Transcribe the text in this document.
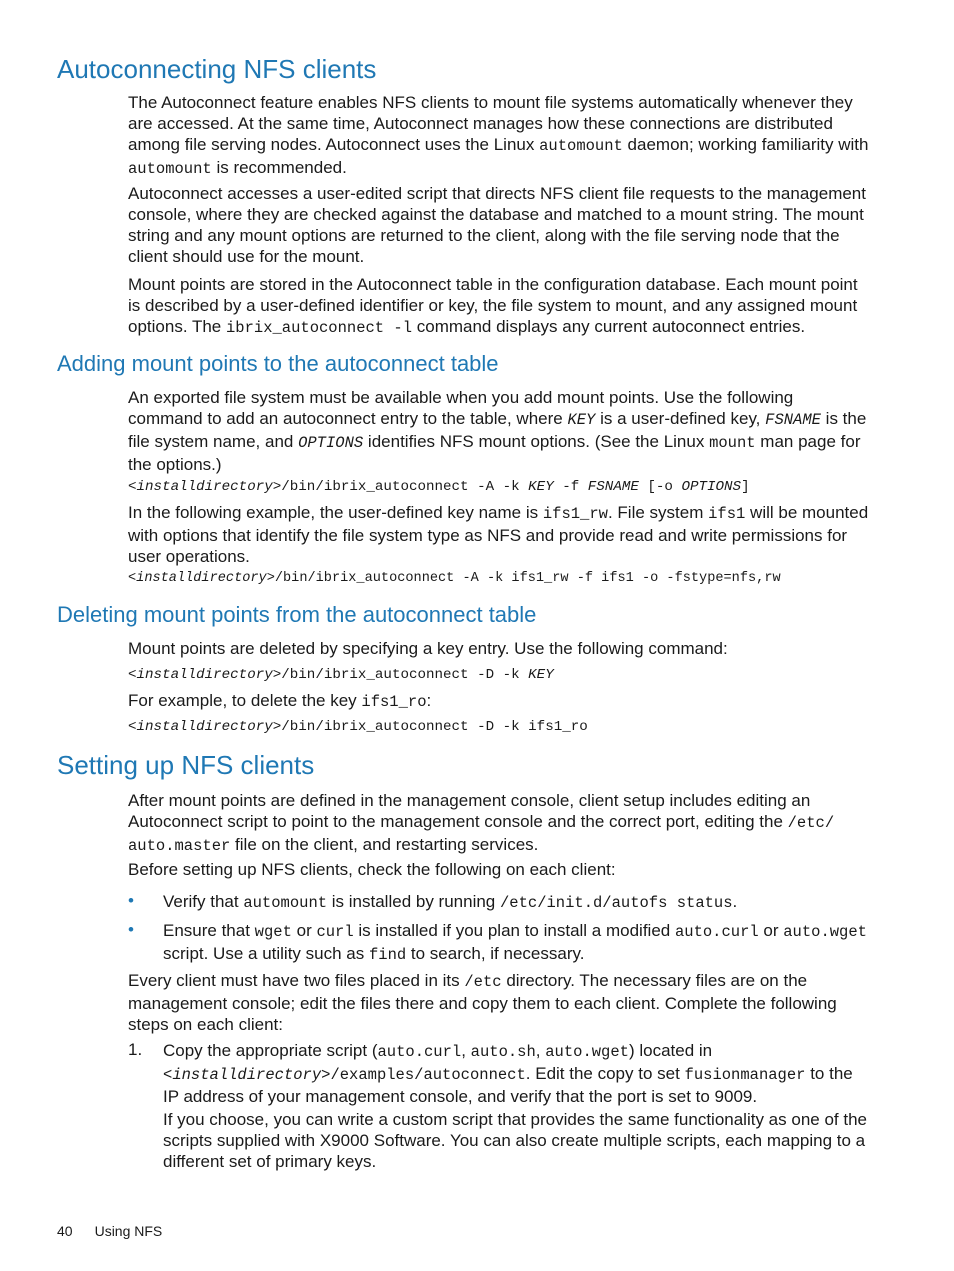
Autoconnecting NFS clients

The Autoconnect feature enables NFS clients to mount file systems automatically whenever they are accessed. At the same time, Autoconnect manages how these connections are distributed among file serving nodes. Autoconnect uses the Linux automount daemon; working familiarity with automount is recommended.

Autoconnect accesses a user-edited script that directs NFS client file requests to the management console, where they are checked against the database and matched to a mount string. The mount string and any mount options are returned to the client, along with the file serving node that the client should use for the mount.

Mount points are stored in the Autoconnect table in the configuration database. Each mount point is described by a user-defined identifier or key, the file system to mount, and any assigned mount options. The ibrix_autoconnect -l command displays any current autoconnect entries.

Adding mount points to the autoconnect table

An exported file system must be available when you add mount points. Use the following command to add an autoconnect entry to the table, where KEY is a user-defined key, FSNAME is the file system name, and OPTIONS identifies NFS mount options. (See the Linux mount man page for the options.)

<installdirectory>/bin/ibrix_autoconnect -A -k KEY -f FSNAME [-o OPTIONS]

In the following example, the user-defined key name is ifs1_rw. File system ifs1 will be mounted with options that identify the file system type as NFS and provide read and write permissions for user operations.

<installdirectory>/bin/ibrix_autoconnect -A -k ifs1_rw -f ifs1 -o -fstype=nfs,rw
Deleting mount points from the autoconnect table

Mount points are deleted by specifying a key entry. Use the following command:

<installdirectory>/bin/ibrix_autoconnect -D -k KEY

For example, to delete the key ifs1_ro:

<installdirectory>/bin/ibrix_autoconnect -D -k ifs1_ro
Setting up NFS clients

After mount points are defined in the management console, client setup includes editing an Autoconnect script to point to the management console and the correct port, editing the /etc/ auto.master file on the client, and restarting services.

Before setting up NFS clients, check the following on each client:

• Verify that automount is installed by running /etc/init.d/autofs status.

• Ensure that wget or curl is installed if you plan to install a modified auto.curl or auto.wget script. Use a utility such as find to search, if necessary.

Every client must have two files placed in its /etc directory. The necessary files are on the management console; edit the files there and copy them to each client. Complete the following steps on each client:

1. Copy the appropriate script (auto.curl, auto.sh, auto.wget) located in <installdirectory>/examples/autoconnect. Edit the copy to set fusionmanager to the IP address of your management console, and verify that the port is set to 9009.

If you choose, you can write a custom script that provides the same functionality as one of the scripts supplied with X9000 Software. You can also create multiple scripts, each mapping to a different set of primary keys.

40 Using NFS
